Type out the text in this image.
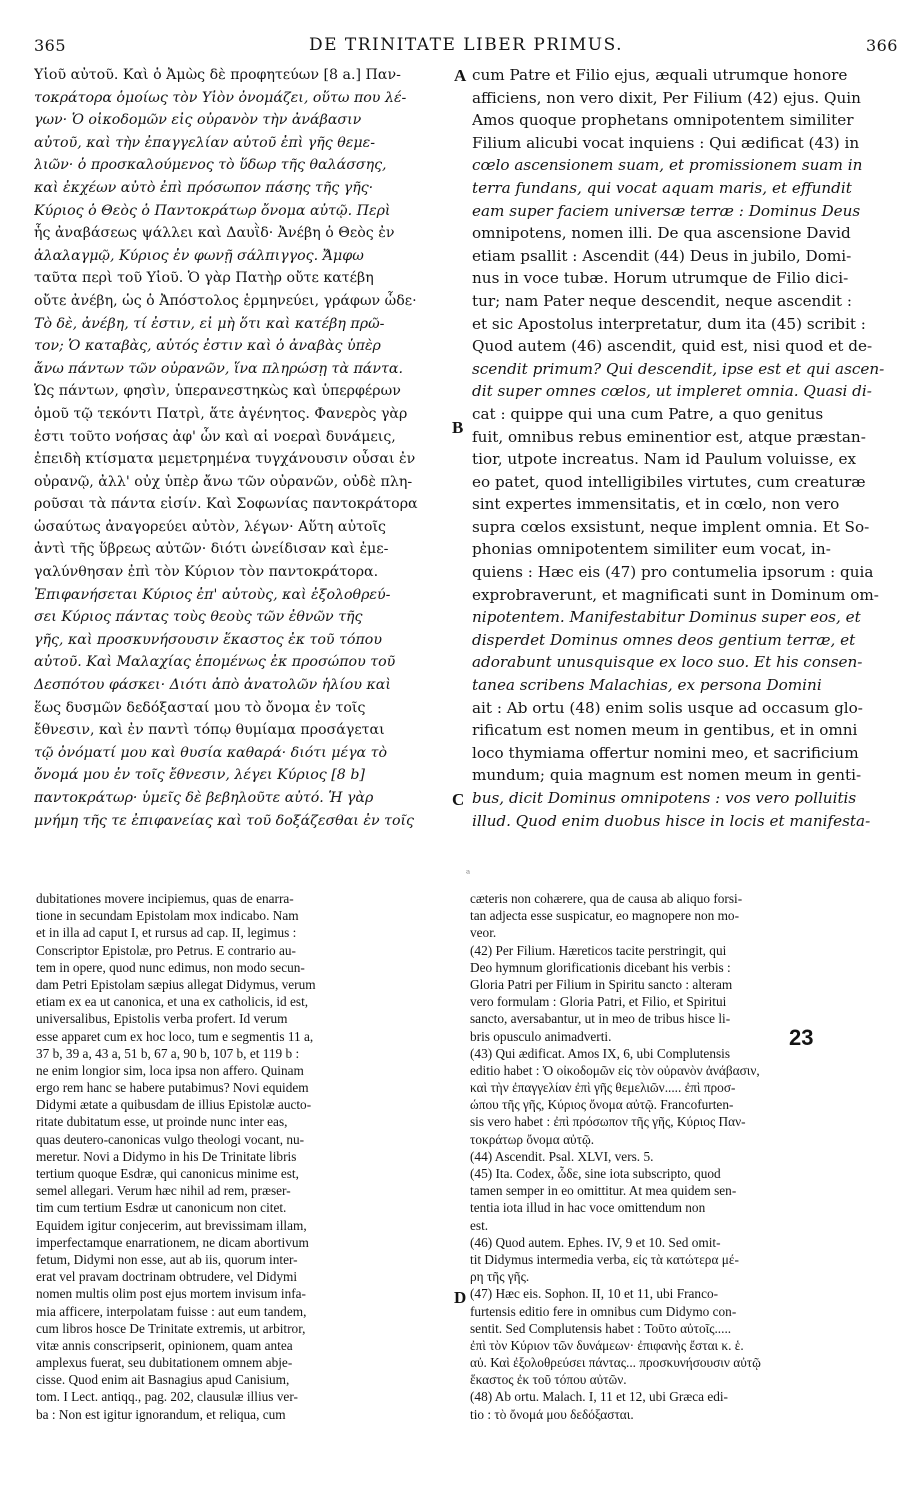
365	DE TRINITATE LIBER PRIMUS.	366
Υἱοῦ αὐτοῦ. Καὶ ὁ Ἀμὼς δὲ προφητεύων [8 a.] Παν-
τοκράτορα ὁμοίως τὸν Υἱὸν ὀνομάζει, οὕτω που λέ-
γων· Ὁ οἰκοδομῶν εἰς οὐρανὸν τὴν ἀνάβασιν
αὐτοῦ, καὶ τὴν ἐπαγγελίαν αὐτοῦ ἐπὶ γῆς θεμε-
λιῶν· ὁ προσκαλούμενος τὸ ὕδωρ τῆς θαλάσσης,
καὶ ἐκχέων αὐτὸ ἐπὶ πρόσωπον πάσης τῆς γῆς·
Κύριος ὁ Θεὸς ὁ Παντοκράτωρ ὄνομα αὐτῷ. Περὶ
ἧς ἀναβάσεως ψάλλει καὶ Δαυῒδ· Ἀνέβη ὁ Θεὸς ἐν
ἀλαλαγμῷ, Κύριος ἐν φωνῇ σάλπιγγος. Ἄμφω
ταῦτα περὶ τοῦ Υἱοῦ. Ὁ γὰρ Πατὴρ οὔτε κατέβη
οὔτε ἀνέβη, ὡς ὁ Ἀπόστολος ἑρμηνεύει, γράφων ὧδε·
Τὸ δὲ, ἀνέβη, τί ἐστιν, εἰ μὴ ὅτι καὶ κατέβη πρῶ-
τον; Ὁ καταβὰς, αὐτός ἐστιν καὶ ὁ ἀναβὰς ὑπὲρ
ἄνω πάντων τῶν οὐρανῶν, ἵνα πληρώσῃ τὰ πάντα.
Ὡς πάντων, φησὶν, ὑπερανεστηκὼς καὶ ὑπερφέρων
ὁμοῦ τῷ τεκόντι Πατρὶ, ἅτε ἀγένητος. Φανερὸς γὰρ
ἐστι τοῦτο νοήσας ἀφ' ὧν καὶ αἱ νοεραὶ δυνάμεις,
ἐπειδὴ κτίσματα μεμετρημένα τυγχάνουσιν οὖσαι ἐν
οὐρανῷ, ἀλλ' οὐχ ὑπὲρ ἄνω τῶν οὐρανῶν, οὐδὲ πλη-
ροῦσαι τὰ πάντα εἰσίν. Καὶ Σοφωνίας παντοκράτορα
ὡσαύτως ἀναγορεύει αὐτὸν, λέγων· Αὕτη αὐτοῖς
ἀντὶ τῆς ὕβρεως αὐτῶν· διότι ὠνείδισαν καὶ ἐμε-
γαλύνθησαν ἐπὶ τὸν Κύριον τὸν παντοκράτορα.
Ἐπιφανήσεται Κύριος ἐπ' αὐτοὺς, καὶ ἐξολοθρεύ-
σει Κύριος πάντας τοὺς θεοὺς τῶν ἐθνῶν τῆς
γῆς, καὶ προσκυνήσουσιν ἕκαστος ἐκ τοῦ τόπου
αὐτοῦ. Καὶ Μαλαχίας ἑπομένως ἐκ προσώπου τοῦ
Δεσπότου φάσκει· Διότι ἀπὸ ἀνατολῶν ἡλίου καὶ
ἕως δυσμῶν δεδόξασταί μου τὸ ὄνομα ἐν τοῖς
ἔθνεσιν, καὶ ἐν παντὶ τόπῳ θυμίαμα προσάγεται
τῷ ὀνόματί μου καὶ θυσία καθαρά· διότι μέγα τὸ
ὄνομά μου ἐν τοῖς ἔθνεσιν, λέγει Κύριος [8 b]
παντοκράτωρ· ὑμεῖς δὲ βεβηλοῦτε αὐτό. Ἡ γὰρ
μνήμη τῆς τε ἐπιφανείας καὶ τοῦ δοξάζεσθαι ἐν τοῖς
A
B
C
D
cum Patre et Filio ejus, æquali utrumque honore
afficiens, non vero dixit, Per Filium (42) ejus. Quin
Amos quoque prophetans omnipotentem similiter
Filium alicubi vocat inquiens : Qui ædificat (43) in
cœlo ascensionem suam, et promissionem suam in
terra fundans, qui vocat aquam maris, et effundit
eam super faciem universæ terræ : Dominus Deus
omnipotens, nomen illi. De qua ascensione David
etiam psallit : Ascendit (44) Deus in jubilo, Domi-
nus in voce tubæ. Horum utrumque de Filio dici-
tur; nam Pater neque descendit, neque ascendit :
et sic Apostolus interpretatur, dum ita (45) scribit :
Quod autem (46) ascendit, quid est, nisi quod et de-
scendit primum? Qui descendit, ipse est et qui ascen-
dit super omnes cœlos, ut impleret omnia. Quasi di-
cat : quippe qui una cum Patre, a quo genitus
fuit, omnibus rebus eminentior est, atque præstan-
tior, utpote increatus. Nam id Paulum voluisse, ex
eo patet, quod intelligibiles virtutes, cum creaturæ
sint expertes immensitatis, et in cœlo, non vero
supra cœlos exsistunt, neque implent omnia. Et So-
phonias omnipotentem similiter eum vocat, in-
quiens : Hæc eis (47) pro contumelia ipsorum : quia
exprobraverunt, et magnificati sunt in Dominum om-
nipotentem. Manifestabitur Dominus super eos, et
disperdet Dominus omnes deos gentium terræ, et
adorabunt unusquisque ex loco suo. Et his consen-
tanea scribens Malachias, ex persona Domini
ait : Ab ortu (48) enim solis usque ad occasum glo-
rificatum est nomen meum in gentibus, et in omni
loco thymiama offertur nomini meo, et sacrificium
mundum; quia magnum est nomen meum in genti-
bus, dicit Dominus omnipotens : vos vero polluitis
illud. Quod enim duobus hisce in locis et manifesta-
23
ᵃ
dubitationes movere incipiemus, quas de enarra-
tione in secundam Epistolam mox indicabo. Nam
et in illa ad caput I, et rursus ad cap. II, legimus :
Conscriptor Epistolæ, pro Petrus. E contrario au-
tem in opere, quod nunc edimus, non modo secun-
dam Petri Epistolam sæpius allegat Didymus, verum
etiam ex ea ut canonica, et una ex catholicis, id est,
universalibus, Epistolis verba profert. Id verum
esse apparet cum ex hoc loco, tum e segmentis 11 a,
37 b, 39 a, 43 a, 51 b, 67 a, 90 b, 107 b, et 119 b :
ne enim longior sim, loca ipsa non affero. Quinam
ergo rem hanc se habere putabimus? Novi equidem
Didymi ætate a quibusdam de illius Epistolæ aucto-
ritate dubitatum esse, ut proinde nunc inter eas,
quas deutero-canonicas vulgo theologi vocant, nu-
meretur. Novi a Didymo in his De Trinitate libris
tertium quoque Esdræ, qui canonicus minime est,
semel allegari. Verum hæc nihil ad rem, præser-
tim cum tertium Esdræ ut canonicum non citet.
Equidem igitur conjecerim, aut brevissimam illam,
imperfectamque enarrationem, ne dicam abortivum
fetum, Didymi non esse, aut ab iis, quorum inter-
erat vel pravam doctrinam obtrudere, vel Didymi
nomen multis olim post ejus mortem invisum infa-
mia afficere, interpolatam fuisse : aut eum tandem,
cum libros hosce De Trinitate extremis, ut arbitror,
vitæ annis conscripserit, opinionem, quam antea
amplexus fuerat, seu dubitationem omnem abje-
cisse. Quod enim ait Basnagius apud Canisium,
tom. I Lect. antiqq., pag. 202, clausulæ illius ver-
ba : Non est igitur ignorandum, et reliqua, cum
cæteris non cohærere, qua de causa ab aliquo forsi-
tan adjecta esse suspicatur, eo magnopere non mo-
veor.
(42) Per Filium. Hæreticos tacite perstringit, qui
Deo hymnum glorificationis dicebant his verbis :
Gloria Patri per Filium in Spiritu sancto : alteram
vero formulam : Gloria Patri, et Filio, et Spiritui
sancto, aversabantur, ut in meo de tribus hisce li-
bris opusculo animadverti.
(43) Qui ædificat. Amos IX, 6, ubi Complutensis
editio habet : Ὁ οἰκοδομῶν εἰς τὸν οὐρανὸν ἀνάβασιν,
καὶ τὴν ἐπαγγελίαν ἐπὶ γῆς θεμελιῶν..... ἐπὶ προσ-
ώπου τῆς γῆς, Κύριος ὄνομα αὐτῷ. Francofurten-
sis vero habet : ἐπὶ πρόσωπον τῆς γῆς, Κύριος Παν-
τοκράτωρ ὄνομα αὐτῷ.
(44) Ascendit. Psal. XLVI, vers. 5.
(45) Ita. Codex, ὧδε, sine iota subscripto, quod
tamen semper in eo omittitur. At mea quidem sen-
tentia iota illud in hac voce omittendum non
est.
(46) Quod autem. Ephes. IV, 9 et 10. Sed omit-
tit Didymus intermedia verba, εἰς τὰ κατώτερα μέ-
ρη τῆς γῆς.
(47) Hæc eis. Sophon. II, 10 et 11, ubi Franco-
furtensis editio fere in omnibus cum Didymo con-
sentit. Sed Complutensis habet : Τοῦτο αὐτοῖς.....
ἐπὶ τὸν Κύριον τῶν δυνάμεων· ἐπιφανὴς ἔσται κ. ἑ.
αὐ. Καὶ ἐξολοθρεύσει πάντας... προσκυνήσουσιν αὐτῷ
ἕκαστος ἐκ τοῦ τόπου αὐτῶν.
(48) Ab ortu. Malach. I, 11 et 12, ubi Græca edi-
tio : τὸ ὄνομά μου δεδόξασται.
